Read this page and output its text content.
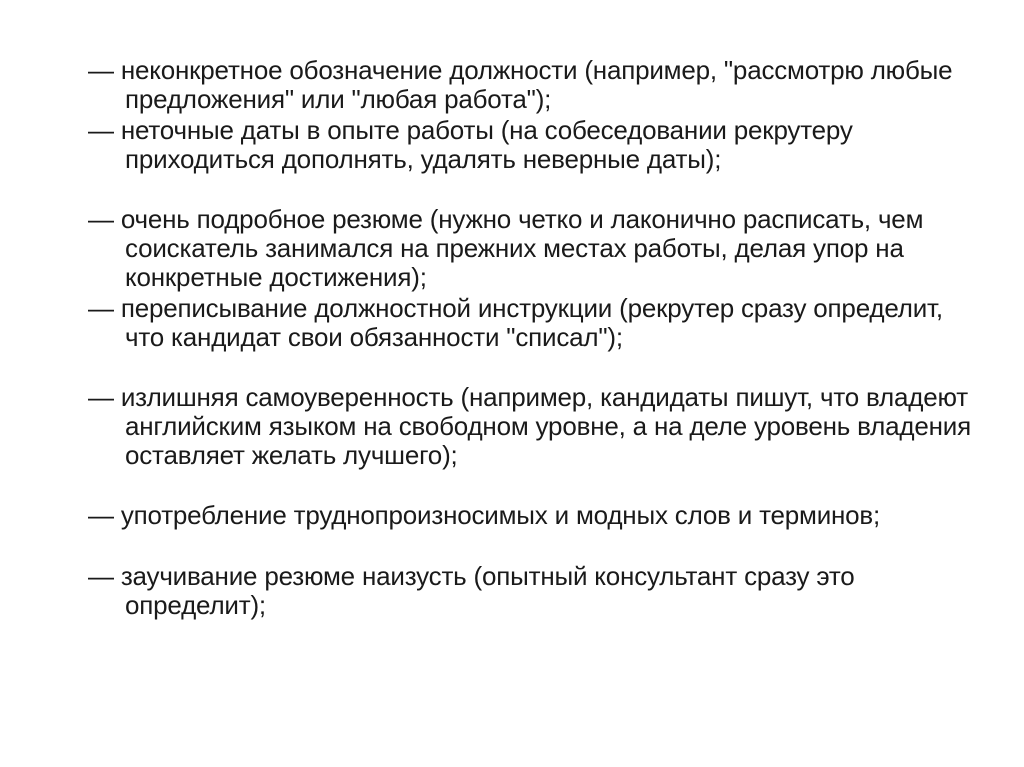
— неконкретное обозначение должности (например, "рассмотрю любые
предложения" или "любая работа");
— неточные даты в опыте работы (на собеседовании рекрутеру
приходиться дополнять, удалять неверные даты);
— очень подробное резюме (нужно четко и лаконично расписать, чем
соискатель занимался на прежних местах работы, делая упор на
конкретные достижения);
— переписывание должностной инструкции (рекрутер сразу определит,
что кандидат свои обязанности "списал");
— излишняя самоуверенность (например, кандидаты пишут, что владеют
английским языком на свободном уровне, а на деле уровень владения
оставляет желать лучшего);
— употребление труднопроизносимых и модных слов и терминов;
— заучивание резюме наизусть (опытный консультант сразу это
определит);
